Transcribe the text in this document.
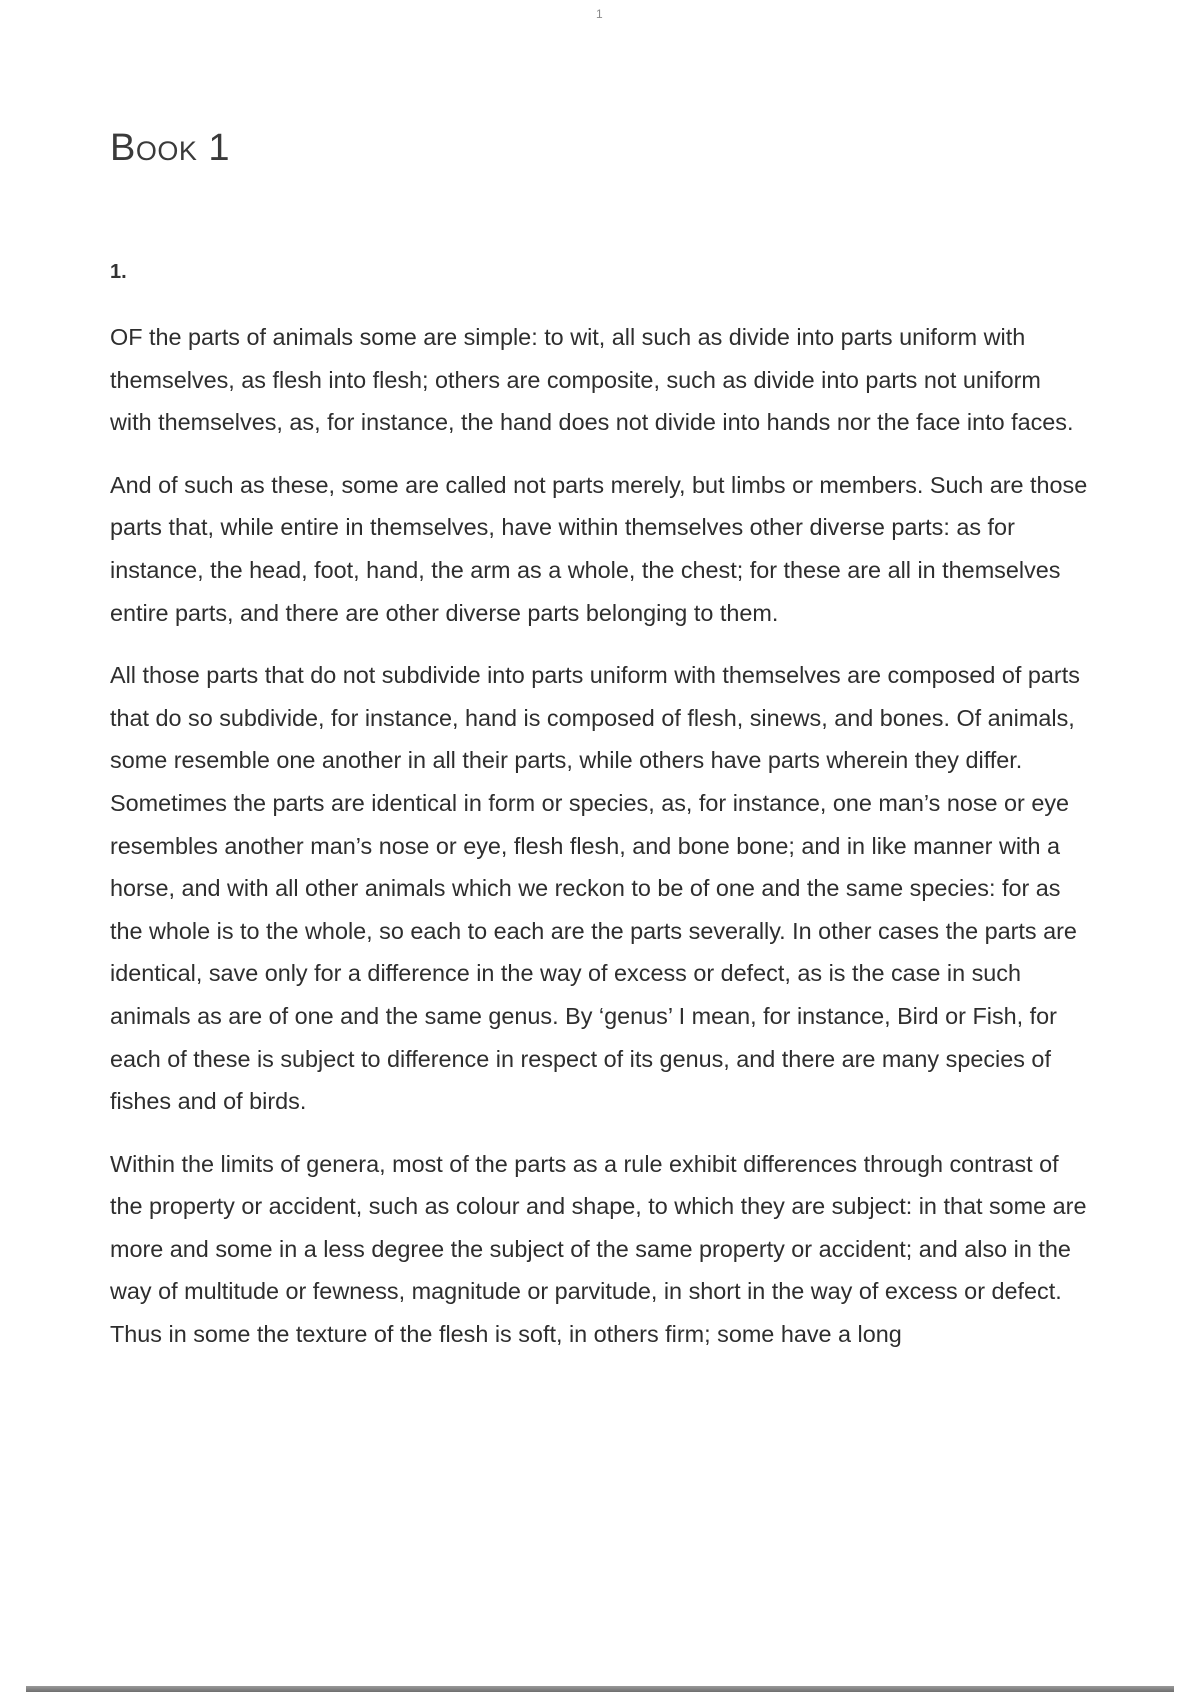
1
Book 1
1.

OF the parts of animals some are simple: to wit, all such as divide into parts uniform with themselves, as flesh into flesh; others are composite, such as divide into parts not uniform with themselves, as, for instance, the hand does not divide into hands nor the face into faces.

And of such as these, some are called not parts merely, but limbs or members. Such are those parts that, while entire in themselves, have within themselves other diverse parts: as for instance, the head, foot, hand, the arm as a whole, the chest; for these are all in themselves entire parts, and there are other diverse parts belonging to them.

All those parts that do not subdivide into parts uniform with themselves are composed of parts that do so subdivide, for instance, hand is composed of flesh, sinews, and bones. Of animals, some resemble one another in all their parts, while others have parts wherein they differ. Sometimes the parts are identical in form or species, as, for instance, one man’s nose or eye resembles another man’s nose or eye, flesh flesh, and bone bone; and in like manner with a horse, and with all other animals which we reckon to be of one and the same species: for as the whole is to the whole, so each to each are the parts severally. In other cases the parts are identical, save only for a difference in the way of excess or defect, as is the case in such animals as are of one and the same genus. By ‘genus’ I mean, for instance, Bird or Fish, for each of these is subject to difference in respect of its genus, and there are many species of fishes and of birds.

Within the limits of genera, most of the parts as a rule exhibit differences through contrast of the property or accident, such as colour and shape, to which they are subject: in that some are more and some in a less degree the subject of the same property or accident; and also in the way of multitude or fewness, magnitude or parvitude, in short in the way of excess or defect. Thus in some the texture of the flesh is soft, in others firm; some have a long
